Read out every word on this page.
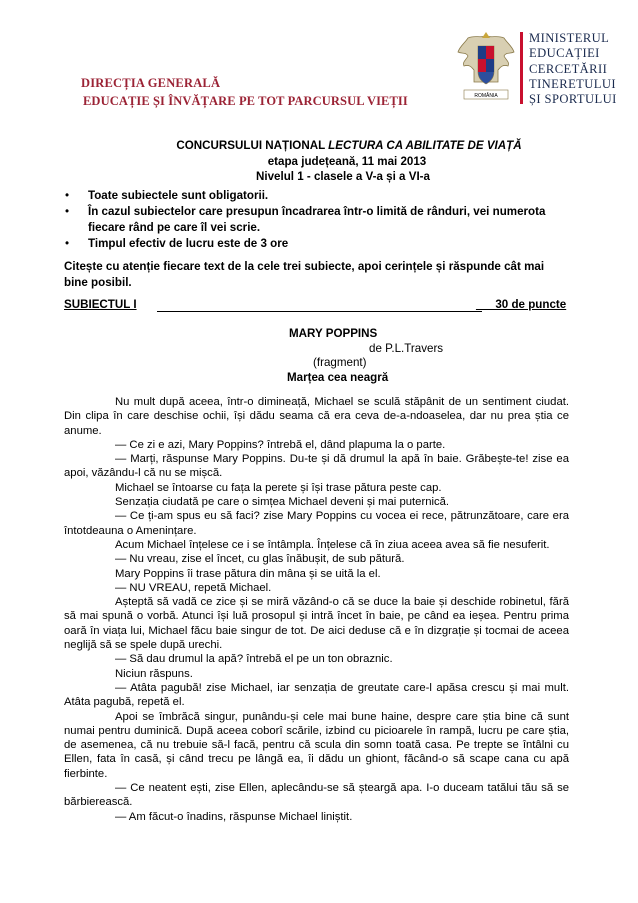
DIRECȚIA GENERALĂ
EDUCAȚIE ȘI ÎNVĂȚARE PE TOT PARCURSUL VIEȚII	ROMÂNIA
MINISTERUL
EDUCAȚIEI
CERCETĂRII
TINERETULUI
ȘI SPORTULUI
CONCURSULUI NAȚIONAL LECTURA CA ABILITATE DE VIAȚĂ
etapa județeană, 11 mai 2013
Nivelul 1 - clasele a V-a și a VI-a
• Toate subiectele sunt obligatorii.
• În cazul subiectelor care presupun încadrarea într-o limită de rânduri, vei numerota fiecare rând pe care îl vei scrie.
• Timpul efectiv de lucru este de 3 ore
Citește cu atenție fiecare text de la cele trei subiecte, apoi cerințele și răspunde cât mai bine posibil.
SUBIECTUL I	___30 de puncte
MARY POPPINS
de P.L.Travers
(fragment)
Marțea cea neagră

Nu mult după aceea, într-o dimineață, Michael se sculă stăpânit de un sentiment ciudat. Din clipa în care deschise ochii, își dădu seama că era ceva de-a-ndoaselea, dar nu prea știa ce anume.

— Ce zi e azi, Mary Poppins? întrebă el, dând plapuma la o parte.

— Marți, răspunse Mary Poppins. Du-te și dă drumul la apă în baie. Grăbește-te! zise ea apoi, văzându-l că nu se mișcă.

Michael se întoarse cu fața la perete și își trase pătura peste cap.

Senzația ciudată pe care o simțea Michael deveni și mai puternică.

— Ce ți-am spus eu să faci? zise Mary Poppins cu vocea ei rece, pătrunzătoare, care era întotdeauna o Amenințare.

Acum Michael înțelese ce i se întâmpla. Înțelese că în ziua aceea avea să fie nesuferit.

— Nu vreau, zise el încet, cu glas înăbușit, de sub pătură.

Mary Poppins îi trase pătura din mâna și se uită la el.

— NU VREAU, repetă Michael.

Așteptă să vadă ce zice și se miră văzând-o că se duce la baie și deschide robinetul, fără să mai spună o vorbă. Atunci își luă prosopul și intră încet în baie, pe când ea ieșea. Pentru prima oară în viața lui, Michael făcu baie singur de tot. De aici deduse că e în dizgrație și tocmai de aceea neglijă să se spele după urechi.

— Să dau drumul la apă? întrebă el pe un ton obraznic.

Niciun răspuns.

— Atâta pagubă! zise Michael, iar senzația de greutate care-l apăsa crescu și mai mult. Atâta pagubă, repetă el.

Apoi se îmbrăcă singur, punându-și cele mai bune haine, despre care știa bine că sunt numai pentru duminică. După aceea coborî scările, izbind cu picioarele în rampă, lucru pe care știa, de asemenea, că nu trebuie să-l facă, pentru că scula din somn toată casa. Pe trepte se întâlni cu Ellen, fata în casă, și când trecu pe lângă ea, îi dădu un ghiont, făcând-o să scape cana cu apă fierbinte.

— Ce neatent ești, zise Ellen, aplecându-se să șteargă apa. I-o duceam tatălui tău să se bărbierească.

— Am făcut-o înadins, răspunse Michael liniștit.
